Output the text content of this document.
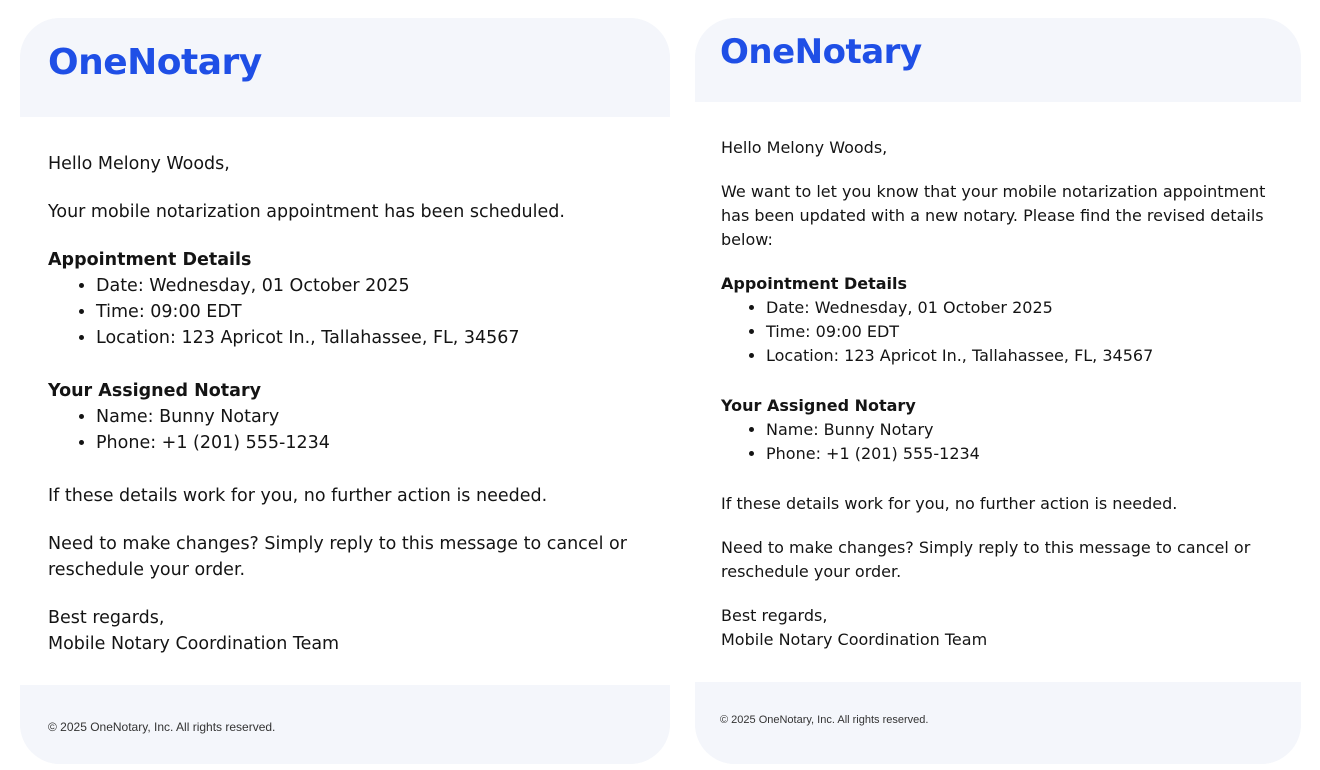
OneNotary

Hello Melony Woods,

Your mobile notarization appointment has been scheduled.

Appointment Details

• Date: Wednesday, 01 October 2025
• Time: 09:00 EDT
• Location: 123 Apricot In., Tallahassee, FL, 34567

Your Assigned Notary

• Name: Bunny Notary
• Phone: +1 (201) 555-1234

If these details work for you, no further action is needed.

Need to make changes? Simply reply to this message to cancel or reschedule your order.

Best regards,

Mobile Notary Coordination Team

© 2025 OneNotary, Inc. All rights reserved.
OneNotary

Hello Melony Woods,

We want to let you know that your mobile notarization appointment has been updated with a new notary. Please find the revised details below:

Appointment Details

• Date: Wednesday, 01 October 2025
• Time: 09:00 EDT
• Location: 123 Apricot In., Tallahassee, FL, 34567

Your Assigned Notary

• Name: Bunny Notary
• Phone: +1 (201) 555-1234

If these details work for you, no further action is needed.

Need to make changes? Simply reply to this message to cancel or reschedule your order.

Best regards,

Mobile Notary Coordination Team

© 2025 OneNotary, Inc. All rights reserved.
